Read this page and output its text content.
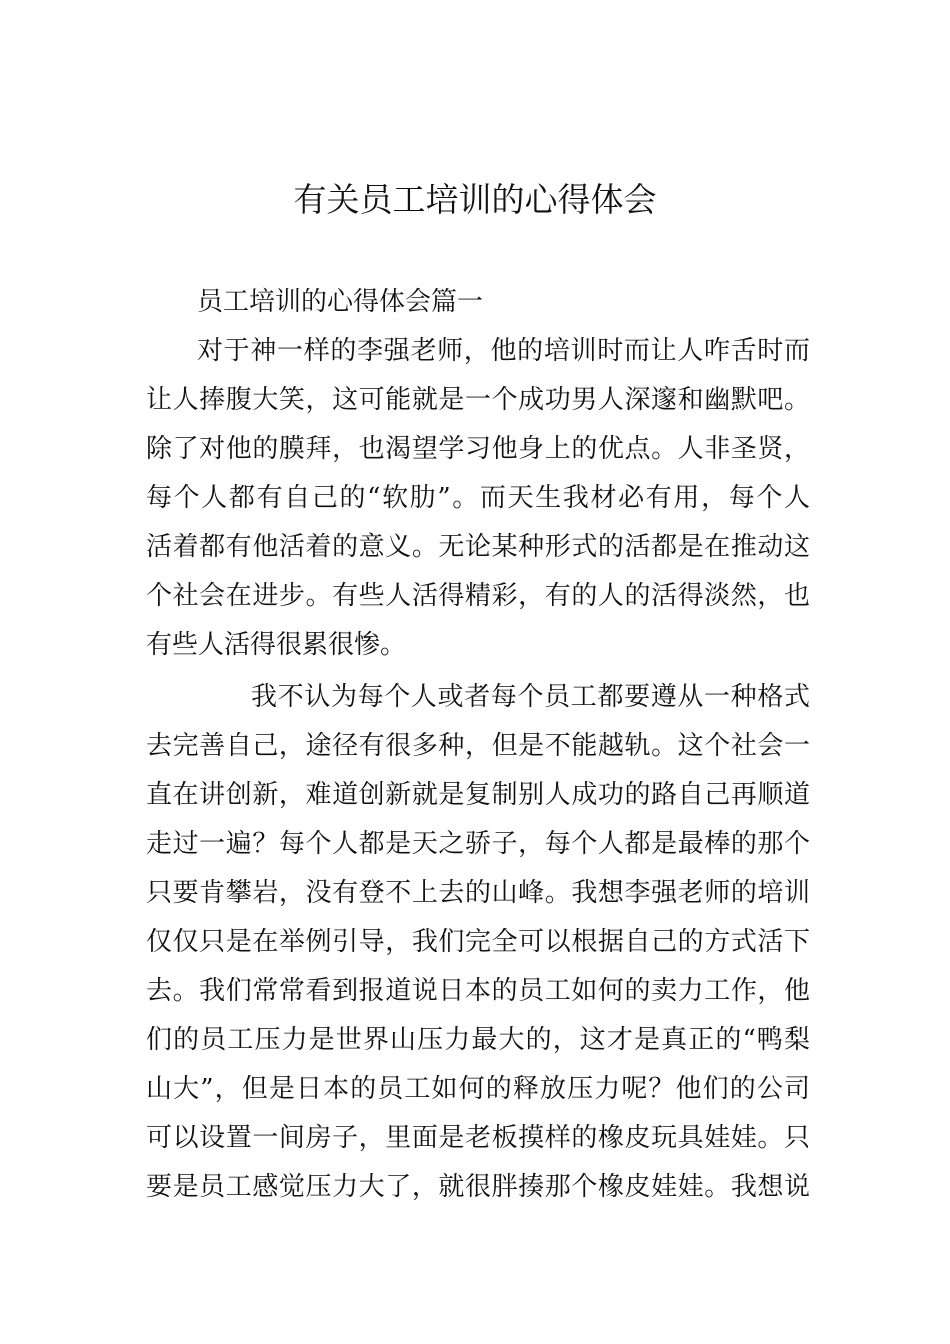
有关员工培训的心得体会

员工培训的心得体会篇一

对于神一样的李强老师，他的培训时而让人咋舌时而

让人捧腹大笑，这可能就是一个成功男人深邃和幽默吧。

除了对他的膜拜，也渴望学习他身上的优点。人非圣贤，

每个人都有自己的“软肋”。而天生我材必有用，每个人

活着都有他活着的意义。无论某种形式的活都是在推动这

个社会在进步。有些人活得精彩，有的人的活得淡然，也

有些人活得很累很惨。

我不认为每个人或者每个员工都要遵从一种格式

去完善自己，途径有很多种，但是不能越轨。这个社会一

直在讲创新，难道创新就是复制别人成功的路自己再顺道

走过一遍？每个人都是天之骄子，每个人都是最棒的那个

只要肯攀岩，没有登不上去的山峰。我想李强老师的培训

仅仅只是在举例引导，我们完全可以根据自己的方式活下

去。我们常常看到报道说日本的员工如何的卖力工作，他

们的员工压力是世界山压力最大的，这才是真正的“鸭梨

山大”，但是日本的员工如何的释放压力呢？他们的公司

可以设置一间房子，里面是老板摸样的橡皮玩具娃娃。只

要是员工感觉压力大了，就很胖揍那个橡皮娃娃。我想说
